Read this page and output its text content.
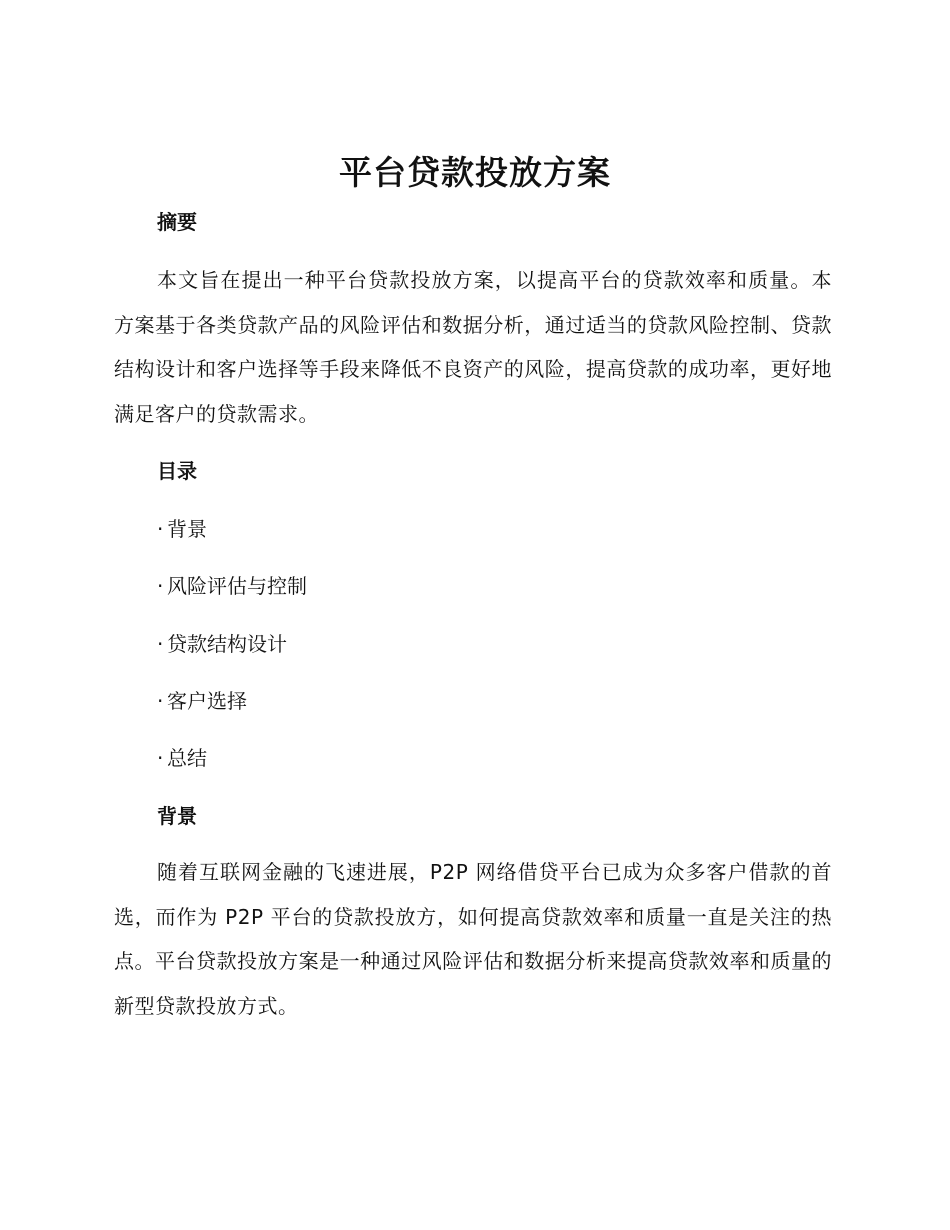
平台贷款投放方案
摘要

本文旨在提出一种平台贷款投放方案，以提高平台的贷款效率和质量。本方案基于各类贷款产品的风险评估和数据分析，通过适当的贷款风险控制、贷款结构设计和客户选择等手段来降低不良资产的风险，提高贷款的成功率，更好地满足客户的贷款需求。

目录
· 背景
· 风险评估与控制
· 贷款结构设计
· 客户选择
· 总结
背景

随着互联网金融的飞速进展，P2P 网络借贷平台已成为众多客户借款的首选，而作为 P2P 平台的贷款投放方，如何提高贷款效率和质量一直是关注的热点。平台贷款投放方案是一种通过风险评估和数据分析来提高贷款效率和质量的新型贷款投放方式。
